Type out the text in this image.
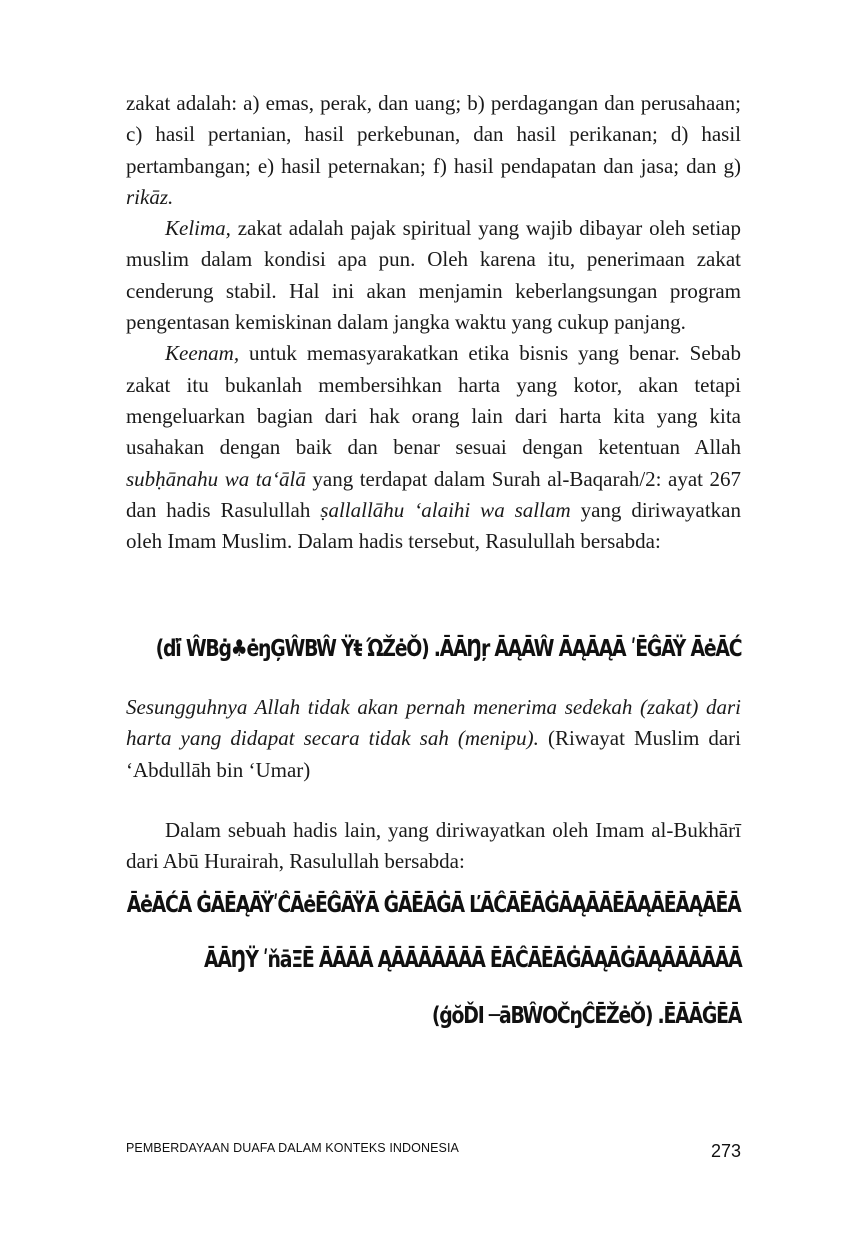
zakat adalah: a) emas, perak, dan uang; b) perdagangan dan perusahaan; c) hasil pertanian, hasil perkebunan, dan hasil perikanan; d) hasil pertambangan; e) hasil peternakan; f) hasil pendapatan dan jasa; dan g) rikāz.

Kelima, zakat adalah pajak spiritual yang wajib dibayar oleh setiap muslim dalam kondisi apa pun. Oleh karena itu, penerimaan zakat cenderung stabil. Hal ini akan menjamin keberlangsungan program pengentasan kemiskinan dalam jangka waktu yang cukup panjang.

Keenam, untuk memasyarakatkan etika bisnis yang benar. Sebab zakat itu bukanlah membersihkan harta yang kotor, akan tetapi mengeluarkan bagian dari hak orang lain dari harta kita yang kita usahakan dengan baik dan benar sesuai dengan ketentuan Allah subḥānahu wa ta‘ālā yang terdapat dalam Surah al-Baqarah/2: ayat 267 dan hadis Rasulullah ṣallallāhu ‘alaihi wa sallam yang diriwayatkan oleh Imam Muslim. Dalam hadis tersebut, Rasulullah bersabda:

(ďï ŴBġ♣ėŋĢŴBŴ Ÿŧ ΏŽėǑ) .ĀĀŊŗ ĀĄĀŴ ĀĄĀĄĀ ʹĒĜĀŸ ĀėĀĆ

Sesungguhnya Allah tidak akan pernah menerima sedekah (zakat) dari harta yang didapat secara tidak sah (menipu). (Riwayat Muslim dari ‘Abdullāh bin ‘Umar)

Dalam sebuah hadis lain, yang diriwayatkan oleh Imam al-Bukhārī dari Abū Hurairah, Rasulullah bersabda:

ĀėĀĆĀ ĠĀĒĄĀŸʹĈĀėĒĜĀŸĀ ĠĀĒĀĠĀ ĽĀĈĀĒĀĠĀĄĀĀĒĀĄĀĒĀĄĀĒĀ
ĀĀŊŸ ʹňāΞĒ ĀĀĀĀ ĄĀĀĀĀĀĀĀ ĒĀĈĀĒĀĠĀĄĀĠĀĄĀĀĀĀĀĀ
(ģŏĎI ─āBŴOČŋĈĒŽėǑ) .ĒĀĀĠĒĀ
PEMBERDAYAAN DUAFA DALAM KONTEKS INDONESIA	273
